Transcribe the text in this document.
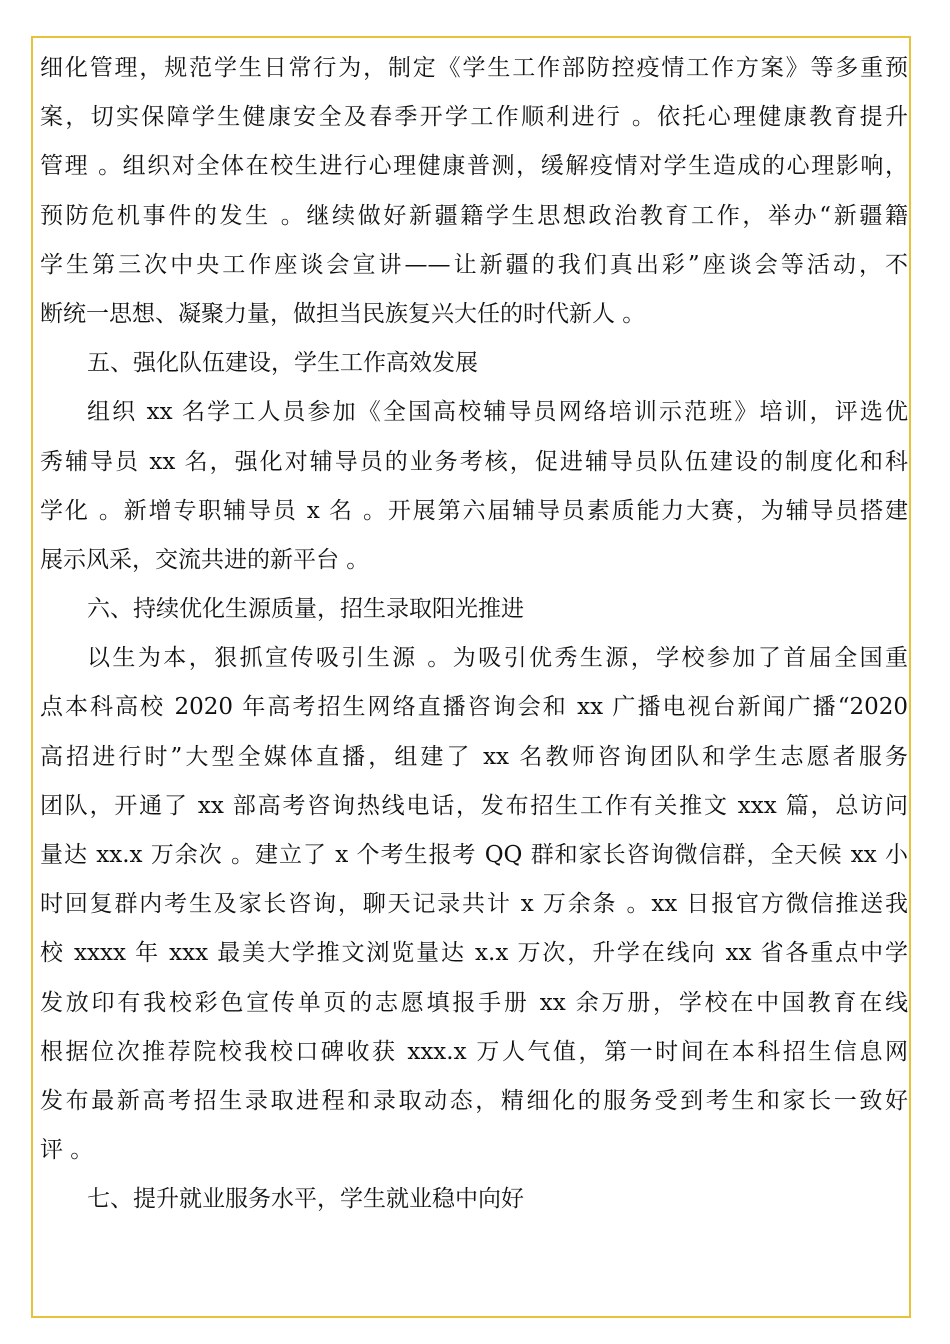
细化管理，规范学生日常行为，制定《学生工作部防控疫情工作方案》等多重预
案，切实保障学生健康安全及春季开学工作顺利进行 。依托心理健康教育提升
管理 。组织对全体在校生进行心理健康普测，缓解疫情对学生造成的心理影响，
预防危机事件的发生 。继续做好新疆籍学生思想政治教育工作，举办“新疆籍
学生第三次中央工作座谈会宣讲——让新疆的我们真出彩”座谈会等活动，不
断统一思想、凝聚力量，做担当民族复兴大任的时代新人 。
五、强化队伍建设，学生工作高效发展
组织 xx 名学工人员参加《全国高校辅导员网络培训示范班》培训，评选优
秀辅导员 xx 名，强化对辅导员的业务考核，促进辅导员队伍建设的制度化和科
学化 。新增专职辅导员 x 名 。开展第六届辅导员素质能力大赛，为辅导员搭建
展示风采，交流共进的新平台 。
六、持续优化生源质量，招生录取阳光推进
以生为本，狠抓宣传吸引生源 。为吸引优秀生源，学校参加了首届全国重
点本科高校 2020 年高考招生网络直播咨询会和 xx 广播电视台新闻广播“2020
高招进行时”大型全媒体直播，组建了 xx 名教师咨询团队和学生志愿者服务
团队，开通了 xx 部高考咨询热线电话，发布招生工作有关推文 xxx 篇，总访问
量达 xx.x 万余次 。建立了 x 个考生报考 QQ 群和家长咨询微信群，全天候 xx 小
时回复群内考生及家长咨询，聊天记录共计 x 万余条 。xx 日报官方微信推送我
校 xxxx 年 xxx 最美大学推文浏览量达 x.x 万次，升学在线向 xx 省各重点中学
发放印有我校彩色宣传单页的志愿填报手册 xx 余万册，学校在中国教育在线
根据位次推荐院校我校口碑收获 xxx.x 万人气值，第一时间在本科招生信息网
发布最新高考招生录取进程和录取动态，精细化的服务受到考生和家长一致好
评 。
七、提升就业服务水平，学生就业稳中向好
